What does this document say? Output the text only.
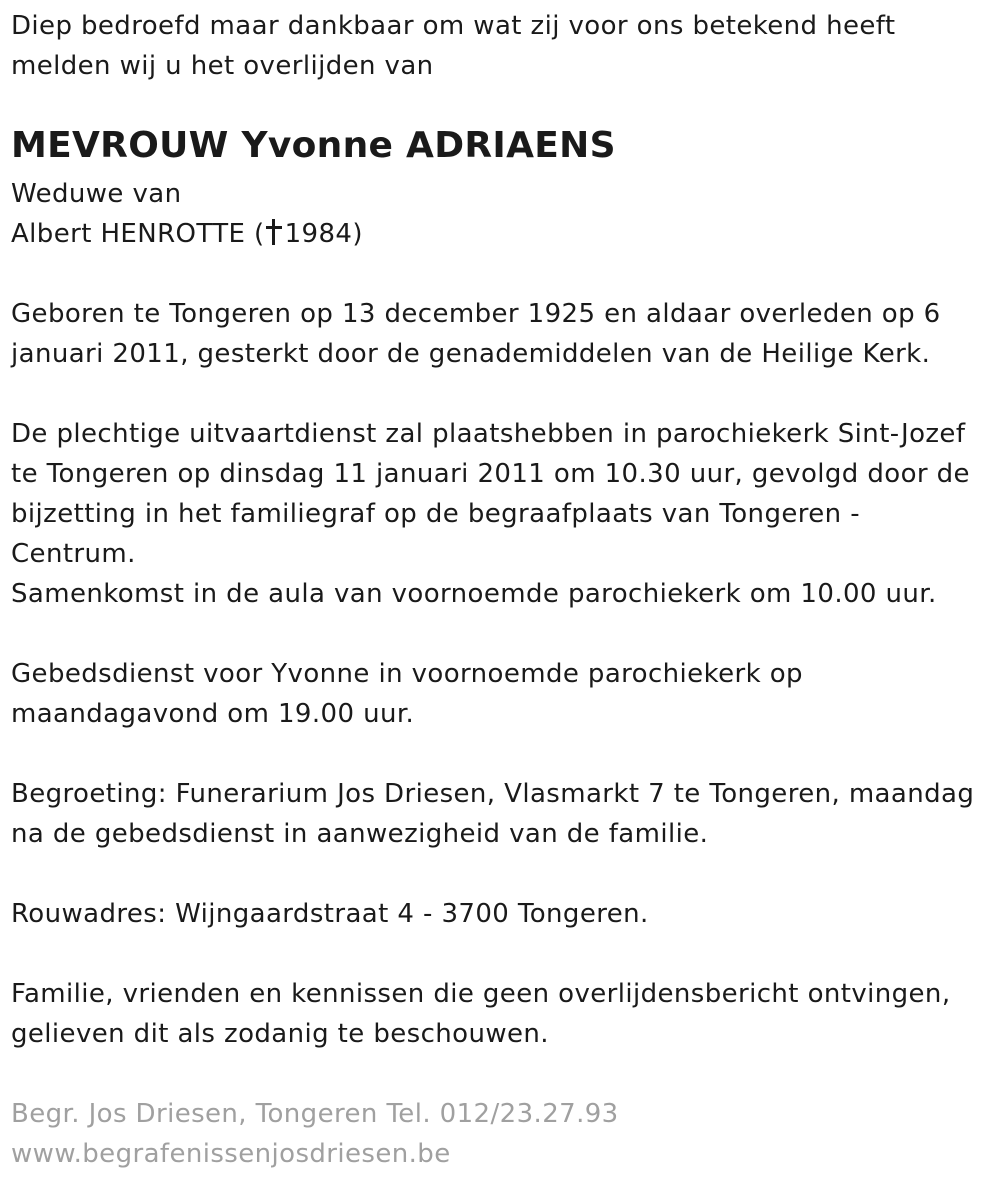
Diep bedroefd maar dankbaar om wat zij voor ons betekend heeft
melden wij u het overlijden van
MEVROUW Yvonne ADRIAENS
Weduwe van
Albert HENROTTE ( 1984)
Geboren te Tongeren op 13 december 1925 en aldaar overleden op 6
januari 2011, gesterkt door de genademiddelen van de Heilige Kerk.
De plechtige uitvaartdienst zal plaatshebben in parochiekerk Sint-Jozef
te Tongeren op dinsdag 11 januari 2011 om 10.30 uur, gevolgd door de
bijzetting in het familiegraf op de begraafplaats van Tongeren -
Centrum.
Samenkomst in de aula van voornoemde parochiekerk om 10.00 uur.
Gebedsdienst voor Yvonne in voornoemde parochiekerk op
maandagavond om 19.00 uur.
Begroeting: Funerarium Jos Driesen, Vlasmarkt 7 te Tongeren, maandag
na de gebedsdienst in aanwezigheid van de familie.
Rouwadres: Wijngaardstraat 4 - 3700 Tongeren.
Familie, vrienden en kennissen die geen overlijdensbericht ontvingen,
gelieven dit als zodanig te beschouwen.
Begr. Jos Driesen, Tongeren Tel. 012/23.27.93
www.begrafenissenjosdriesen.be
